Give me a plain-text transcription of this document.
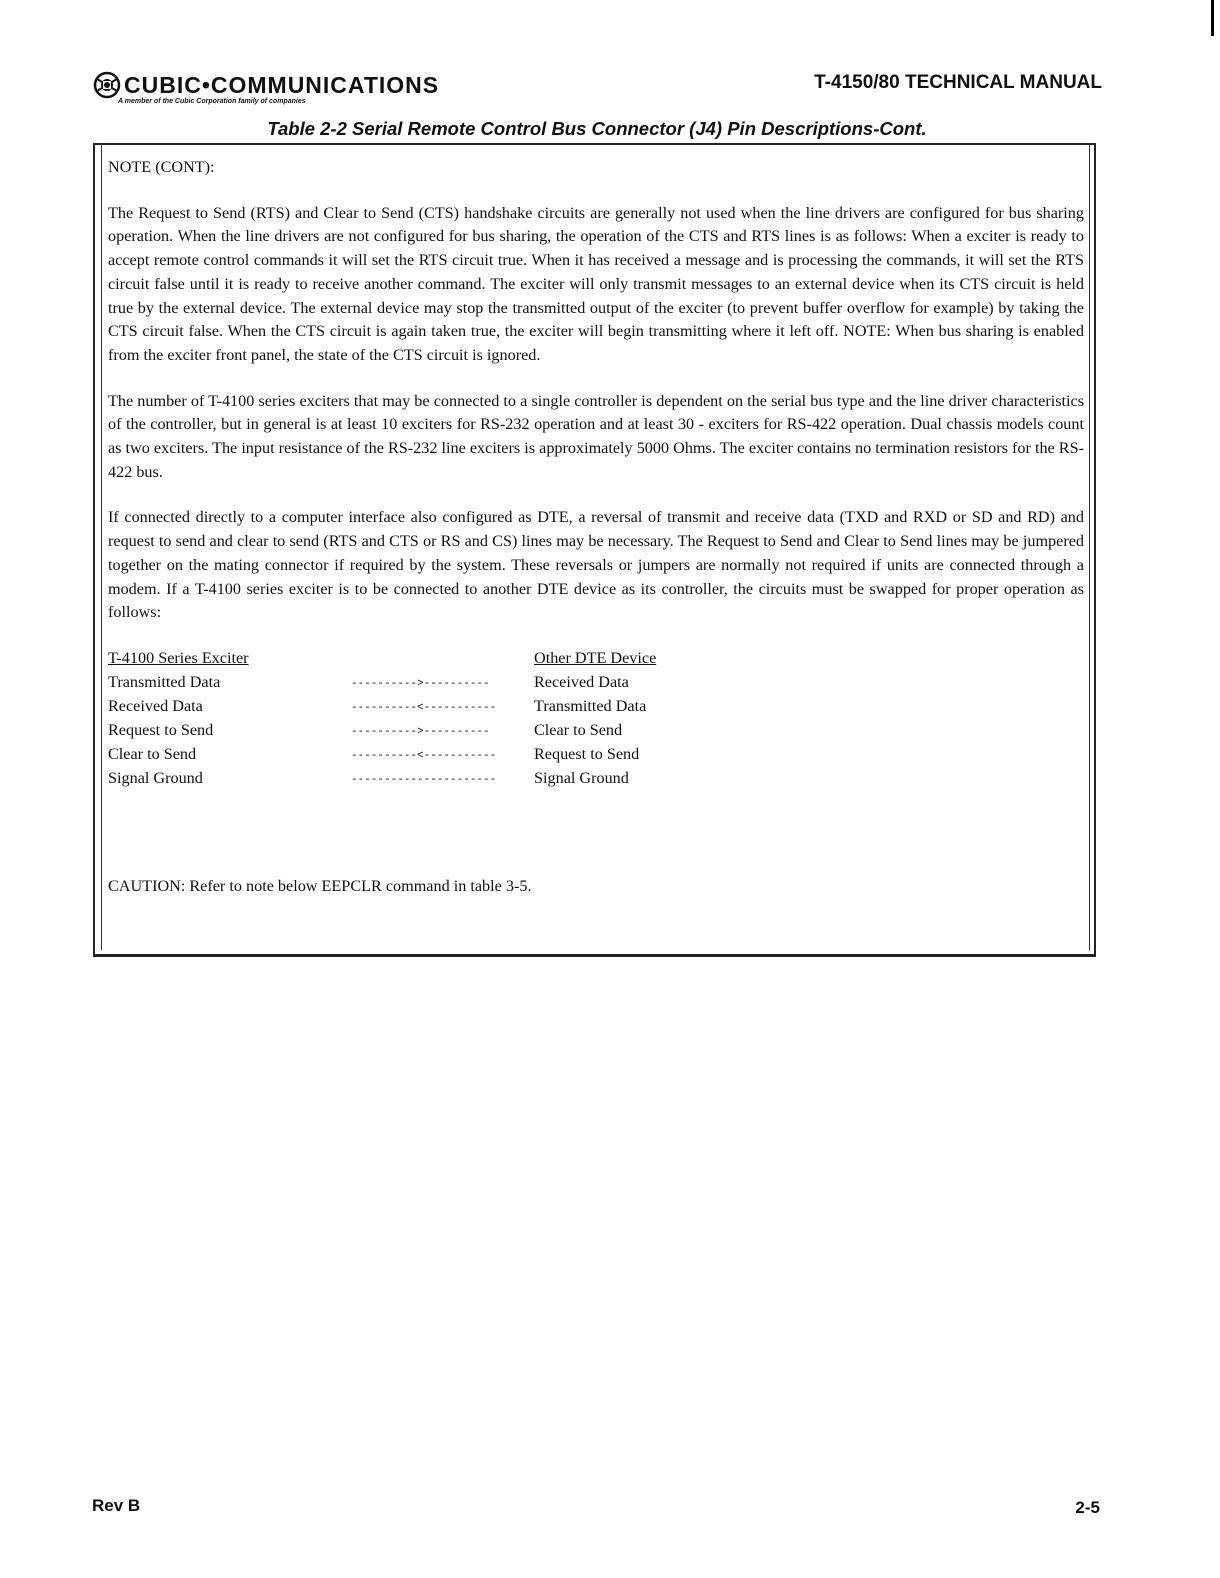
CUBIC•COMMUNICATIONS
A member of the Cubic Corporation family of companies
T-4150/80 TECHNICAL MANUAL
Table 2-2 Serial Remote Control Bus Connector (J4) Pin Descriptions-Cont.

NOTE (CONT):

The Request to Send (RTS) and Clear to Send (CTS) handshake circuits are generally not used when the line drivers are configured for bus sharing operation. When the line drivers are not configured for bus sharing, the operation of the CTS and RTS lines is as follows: When a exciter is ready to accept remote control commands it will set the RTS circuit true. When it has received a message and is processing the commands, it will set the RTS circuit false until it is ready to receive another command. The exciter will only transmit messages to an external device when its CTS circuit is held true by the external device. The external device may stop the transmitted output of the exciter (to prevent buffer overflow for example) by taking the CTS circuit false. When the CTS circuit is again taken true, the exciter will begin transmitting where it left off. NOTE: When bus sharing is enabled from the exciter front panel, the state of the CTS circuit is ignored.

The number of T-4100 series exciters that may be connected to a single controller is dependent on the serial bus type and the line driver characteristics of the controller, but in general is at least 10 exciters for RS-232 operation and at least 30 - exciters for RS-422 operation. Dual chassis models count as two exciters. The input resistance of the RS-232 line exciters is approximately 5000 Ohms. The exciter contains no termination resistors for the RS-422 bus.

If connected directly to a computer interface also configured as DTE, a reversal of transmit and receive data (TXD and RXD or SD and RD) and request to send and clear to send (RTS and CTS or RS and CS) lines may be necessary. The Request to Send and Clear to Send lines may be jumpered together on the mating connector if required by the system. These reversals or jumpers are normally not required if units are connected through a modem. If a T-4100 series exciter is to be connected to another DTE device as its controller, the circuits must be swapped for proper operation as follows:

T-4100 Series Exciter	Other DTE Device
Transmitted Data	---------->----------	Received Data
Received Data	----------<----------- Transmitted Data
Request to Send	---------->----------	Clear to Send
Clear to Send	----------<----------- Request to Send
Signal Ground	---------------------- Signal Ground
CAUTION: Refer to note below EEPCLR command in table 3-5.
Rev B	2-5
